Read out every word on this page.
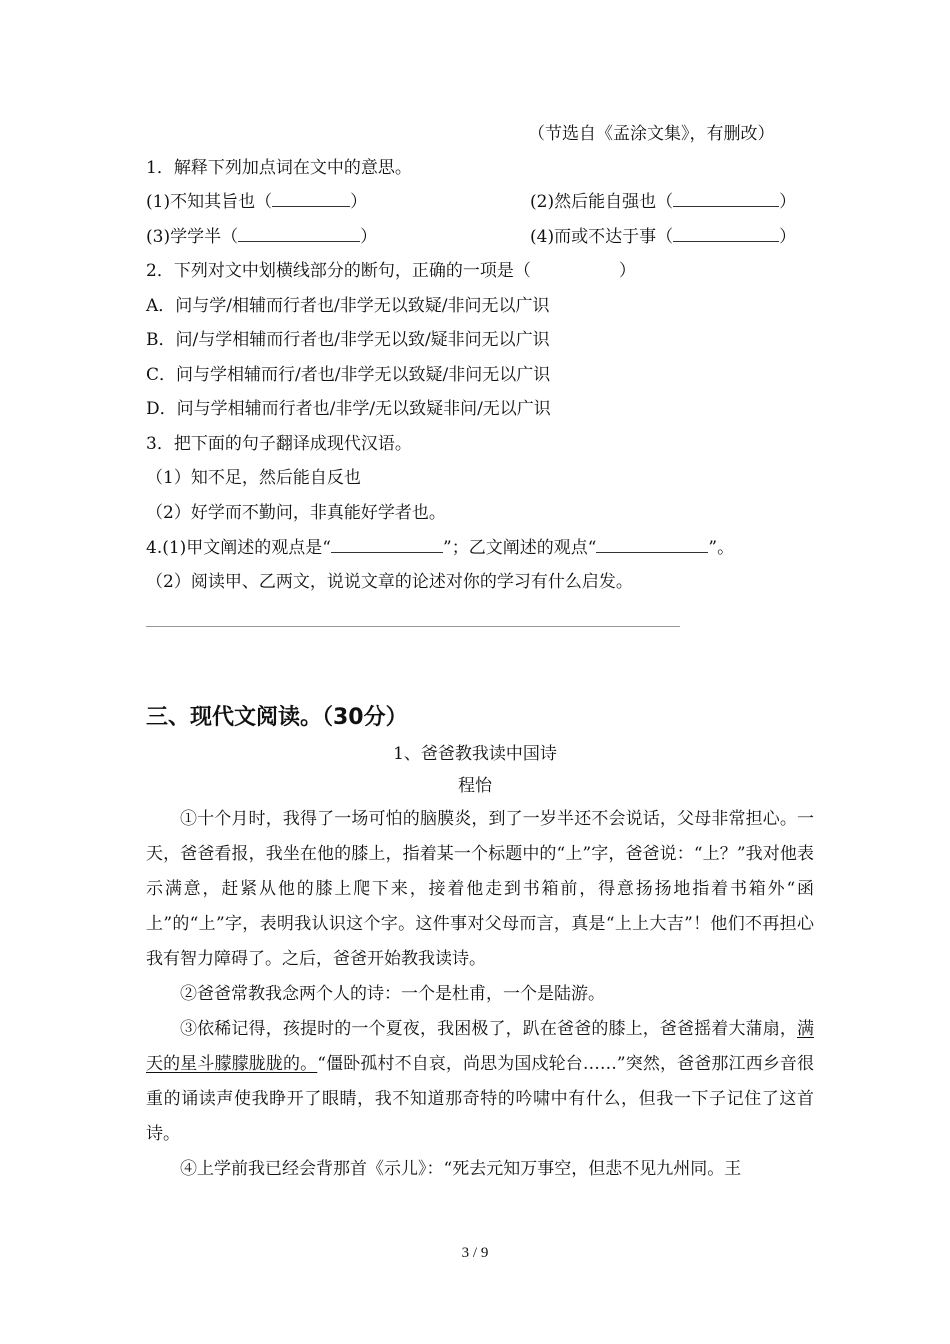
（节选自《孟涂文集》，有删改）
1．解释下列加点词在文中的意思。
(1)不知其旨也（	）	(2)然后能自强也（	）
(3)学学半（	）	(4)而或不达于事（	）
2．下列对文中划横线部分的断句，正确的一项是（	）
A．问与学/相辅而行者也/非学无以致疑/非问无以广识
B．问/与学相辅而行者也/非学无以致/疑非问无以广识
C．问与学相辅而行/者也/非学无以致疑/非问无以广识
D．问与学相辅而行者也/非学/无以致疑非问/无以广识
3．把下面的句子翻译成现代汉语。
（1）知不足，然后能自反也
（2）好学而不勤问，非真能好学者也。
4.(1)甲文阐述的观点是“	”；乙文阐述的观点“	”。
（2）阅读甲、乙两文，说说文章的论述对你的学习有什么启发。
三、现代文阅读。（30分）
1、爸爸教我读中国诗
程怡

①十个月时，我得了一场可怕的脑膜炎，到了一岁半还不会说话，父母非常担心。一天，爸爸看报，我坐在他的膝上，指着某一个标题中的“上”字，爸爸说：“上？”我对他表示满意，赶紧从他的膝上爬下来，接着他走到书箱前，得意扬扬地指着书箱外“函上”的“上”字，表明我认识这个字。这件事对父母而言，真是“上上大吉”！他们不再担心我有智力障碍了。之后，爸爸开始教我读诗。

②爸爸常教我念两个人的诗：一个是杜甫，一个是陆游。

③依稀记得，孩提时的一个夏夜，我困极了，趴在爸爸的膝上，爸爸摇着大蒲扇，满天的星斗朦朦胧胧的。“僵卧孤村不自哀，尚思为国戍轮台……”突然，爸爸那江西乡音很重的诵读声使我睁开了眼睛，我不知道那奇特的吟啸中有什么，但我一下子记住了这首诗。

④上学前我已经会背那首《示儿》：“死去元知万事空，但悲不见九州同。王

3 / 9
